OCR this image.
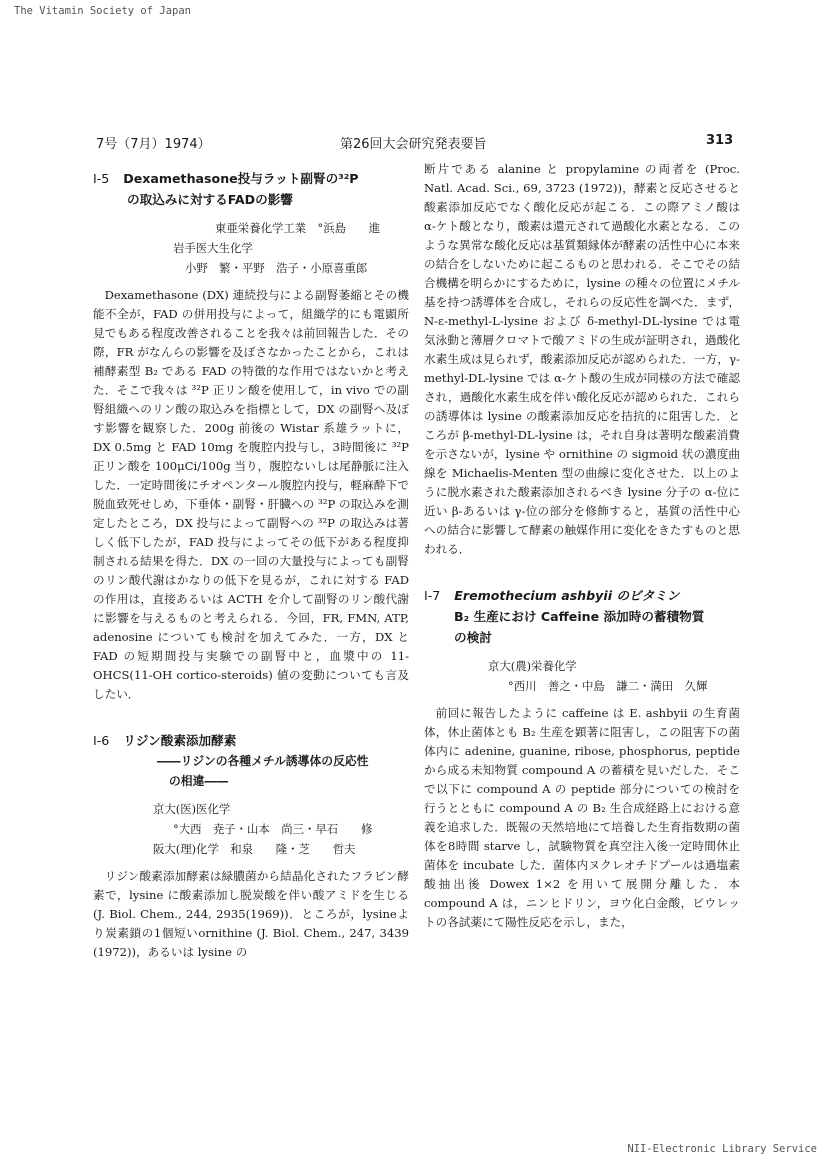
The Vitamin Society of Japan
7号（7月）1974）	第26回大会研究発表要旨	313

Ⅰ-5 Dexamethasone投与ラット副腎の³²P

の取込みに対するFADの影響

東亜栄養化学工業　°浜島　　進

岩手医大生化学

小野　繁・平野　浩子・小原喜重郎

Dexamethasone (DX) 連続投与による副腎萎縮とその機能不全が，FAD の併用投与によって，組織学的にも電顕所見でもある程度改善されることを我々は前回報告した．その際，FR がなんらの影響を及ぼさなかったことから，これは補酵素型 B₂ である FAD の特徴的な作用ではないかと考えた．そこで我々は ³²P 正リン酸を使用して，in vivo での副腎組織へのリン酸の取込みを指標として，DX の副腎へ及ぼす影響を観察した．200g 前後の Wistar 系雄ラットに，DX 0.5mg と FAD 10mg を腹腔内投与し，3時間後に ³²P 正リン酸を 100μCi/100g 当り，腹腔ないしは尾静脈に注入した．一定時間後にチオペンタール腹腔内投与，軽麻酔下で脱血致死せしめ，下垂体・副腎・肝臓への ³²P の取込みを測定したところ，DX 投与によって副腎への ³²P の取込みは著しく低下したが，FAD 投与によってその低下がある程度抑制される結果を得た．DX の一回の大量投与によっても副腎のリン酸代謝はかなりの低下を見るが，これに対する FAD の作用は，直接あるいは ACTH を介して副腎のリン酸代謝に影響を与えるものと考えられる．今回，FR, FMN, ATP, adenosine についても検討を加えてみた．一方，DX と FAD の短期間投与実験での副腎中と，血漿中の 11-OHCS(11-OH cortico-steroids) 値の変動についても言及したい．

Ⅰ-6 リジン酸素添加酵素

――リジンの各種メチル誘導体の反応性

の相違――

京大(医)医化学

°大西　尭子・山本　尚三・早石　　修

阪大(理)化学　和泉　　隆・芝　　哲夫

リジン酸素添加酵素は緑膿菌から結晶化されたフラビン酵素で，lysine に酸素添加し脱炭酸を伴い酸アミドを生じる (J. Biol. Chem., 244, 2935(1969))．ところが，lysineより炭素鎖の1個短いornithine (J. Biol. Chem., 247, 3439 (1972))，あるいは lysine の

断片である alanine と propylamine の両者を (Proc. Natl. Acad. Sci., 69, 3723 (1972))，酵素と反応させると酸素添加反応でなく酸化反応が起こる．この際アミノ酸は α-ケト酸となり，酸素は還元されて過酸化水素となる．このような異常な酸化反応は基質類縁体が酵素の活性中心に本来の結合をしないために起こるものと思われる．そこでその結合機構を明らかにするために，lysine の種々の位置にメチル基を持つ誘導体を合成し，それらの反応性を調べた．まず，N-ε-methyl-L-lysine および δ-methyl-DL-lysine では電気泳動と薄層クロマトで酸アミドの生成が証明され，過酸化水素生成は見られず，酸素添加反応が認められた．一方，γ-methyl-DL-lysine では α-ケト酸の生成が同様の方法で確認され，過酸化水素生成を伴い酸化反応が認められた．これらの誘導体は lysine の酸素添加反応を拮抗的に阻害した．ところが β-methyl-DL-lysine は，それ自身は著明な酸素消費を示さないが，lysine や ornithine の sigmoid 状の濃度曲線を Michaelis-Menten 型の曲線に変化させた．以上のように脱水素された酸素添加されるべき lysine 分子の α-位に近い β-あるいは γ-位の部分を修飾すると，基質の活性中心への結合に影響して酵素の触媒作用に変化をきたすものと思われる．

Ⅰ-7 Eremothecium ashbyii のビタミン

B₂ 生産におけ Caffeine 添加時の蓄積物質

の検討

京大(農)栄養化学

°西川　善之・中島　謙二・満田　久輝

前回に報告したように caffeine は E. ashbyii の生育菌体，休止菌体とも B₂ 生産を顕著に阻害し，この阻害下の菌体内に adenine, guanine, ribose, phosphorus, peptide から成る未知物質 compound A の蓄積を見いだした．そこで以下に compound A の peptide 部分についての検討を行うとともに compound A の B₂ 生合成経路上における意義を追求した．既報の天然培地にて培養した生育指数期の菌体を8時間 starve し，試験物質を真空注入後一定時間休止菌体を incubate した．菌体内ヌクレオチドプールは過塩素酸抽出後 Dowex 1×2 を用いて展開分離した．本 compound A は，ニンヒドリン，ヨウ化白金酸，ビウレットの各試薬にて陽性反応を示し，また，

NII-Electronic Library Service
